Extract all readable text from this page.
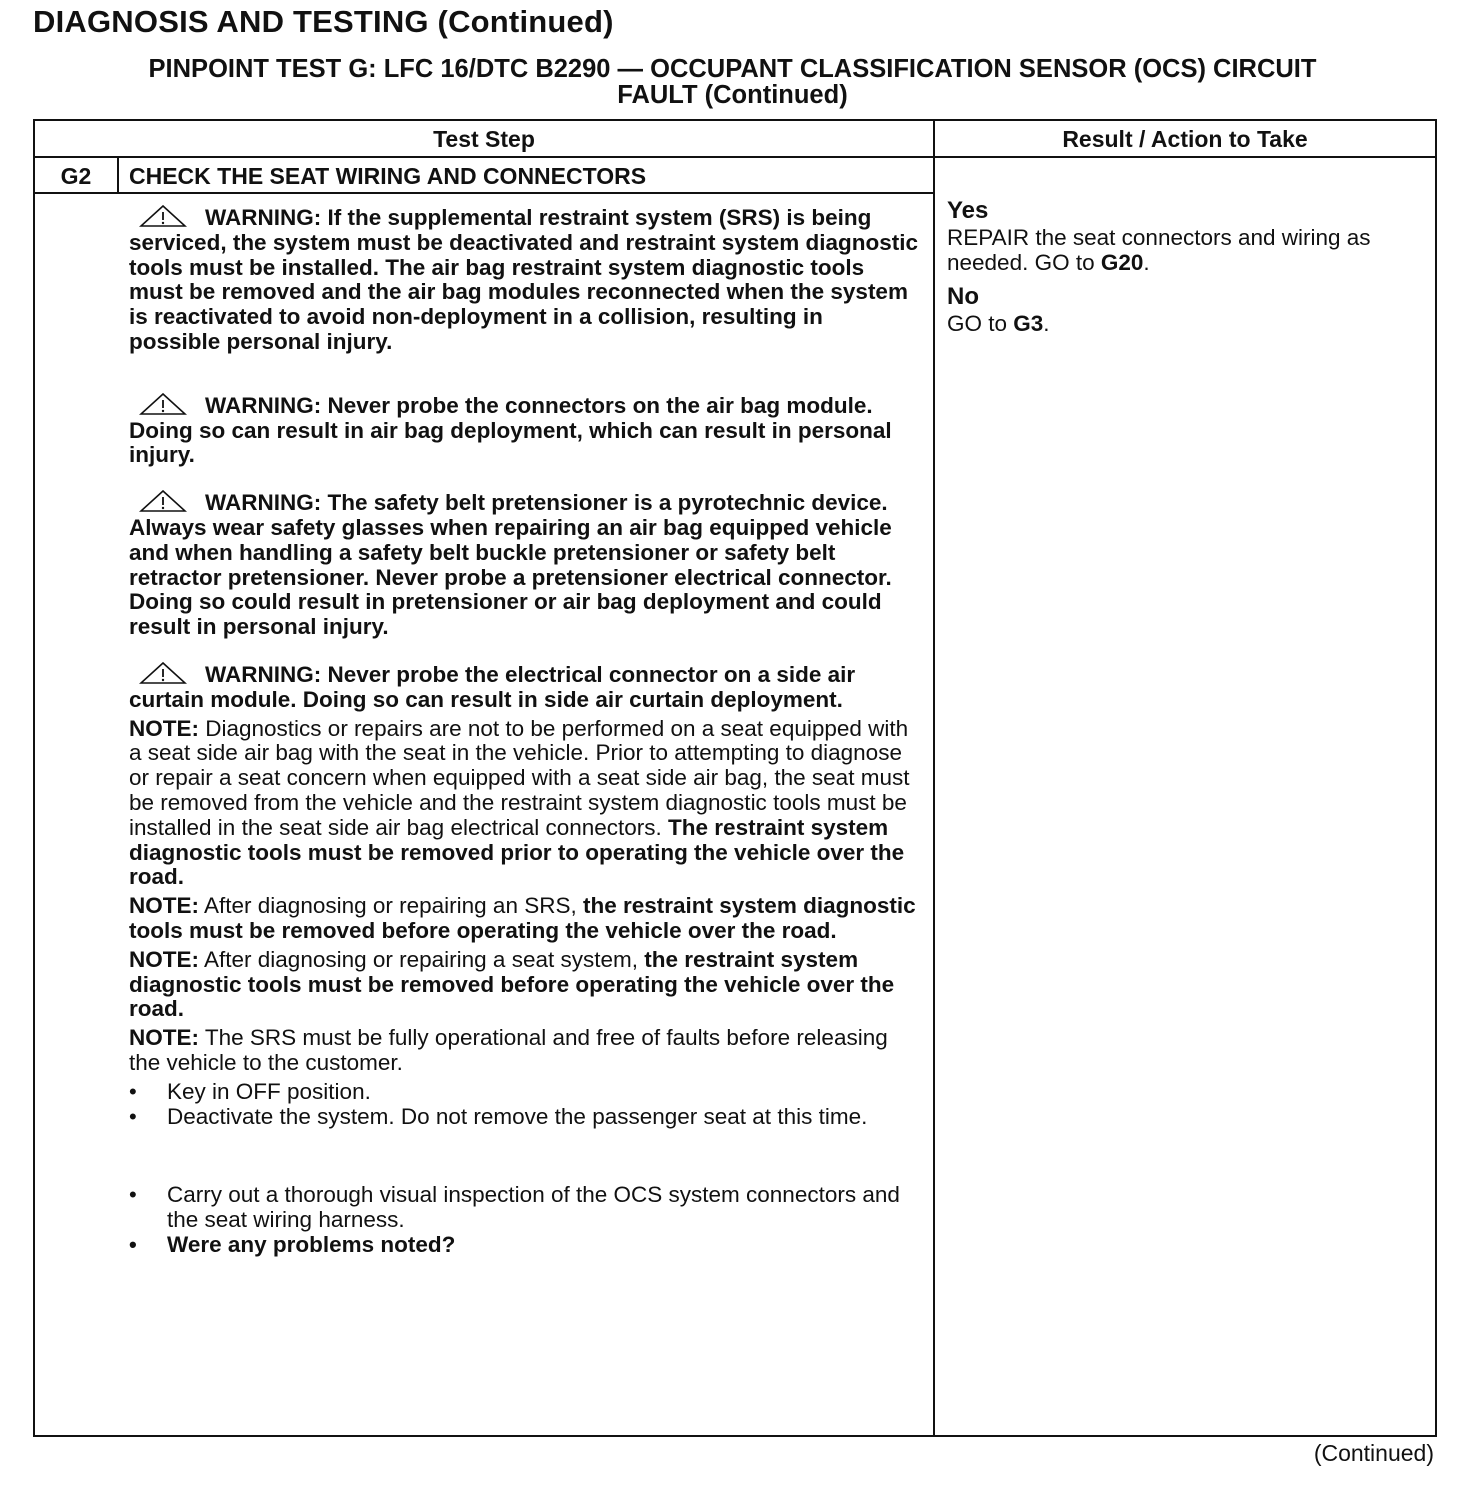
DIAGNOSIS AND TESTING (Continued)
PINPOINT TEST G: LFC 16/DTC B2290 — OCCUPANT CLASSIFICATION SENSOR (OCS) CIRCUIT
FAULT (Continued)
Test Step	Result / Action to Take
G2	CHECK THE SEAT WIRING AND CONNECTORS

WARNING: If the supplemental restraint system (SRS) is being serviced, the system must be deactivated and restraint system diagnostic tools must be installed. The air bag restraint system diagnostic tools must be removed and the air bag modules reconnected when the system is reactivated to avoid non-deployment in a collision, resulting in possible personal injury.

WARNING: Never probe the connectors on the air bag module. Doing so can result in air bag deployment, which can result in personal injury.

WARNING: The safety belt pretensioner is a pyrotechnic device. Always wear safety glasses when repairing an air bag equipped vehicle and when handling a safety belt buckle pretensioner or safety belt retractor pretensioner. Never probe a pretensioner electrical connector. Doing so could result in pretensioner or air bag deployment and could result in personal injury.

WARNING: Never probe the electrical connector on a side air curtain module. Doing so can result in side air curtain deployment.

NOTE: Diagnostics or repairs are not to be performed on a seat equipped with a seat side air bag with the seat in the vehicle. Prior to attempting to diagnose or repair a seat concern when equipped with a seat side air bag, the seat must be removed from the vehicle and the restraint system diagnostic tools must be installed in the seat side air bag electrical connectors. The restraint system diagnostic tools must be removed prior to operating the vehicle over the road.

NOTE: After diagnosing or repairing an SRS, the restraint system diagnostic tools must be removed before operating the vehicle over the road.

NOTE: After diagnosing or repairing a seat system, the restraint system diagnostic tools must be removed before operating the vehicle over the road.

NOTE: The SRS must be fully operational and free of faults before releasing the vehicle to the customer.

• Key in OFF position.
• Deactivate the system. Do not remove the passenger seat at this time.
• Carry out a thorough visual inspection of the OCS system connectors and the seat wiring harness.
• Were any problems noted?
Yes

REPAIR the seat connectors and wiring as needed. GO to G20.

No

GO to G3.

(Continued)
